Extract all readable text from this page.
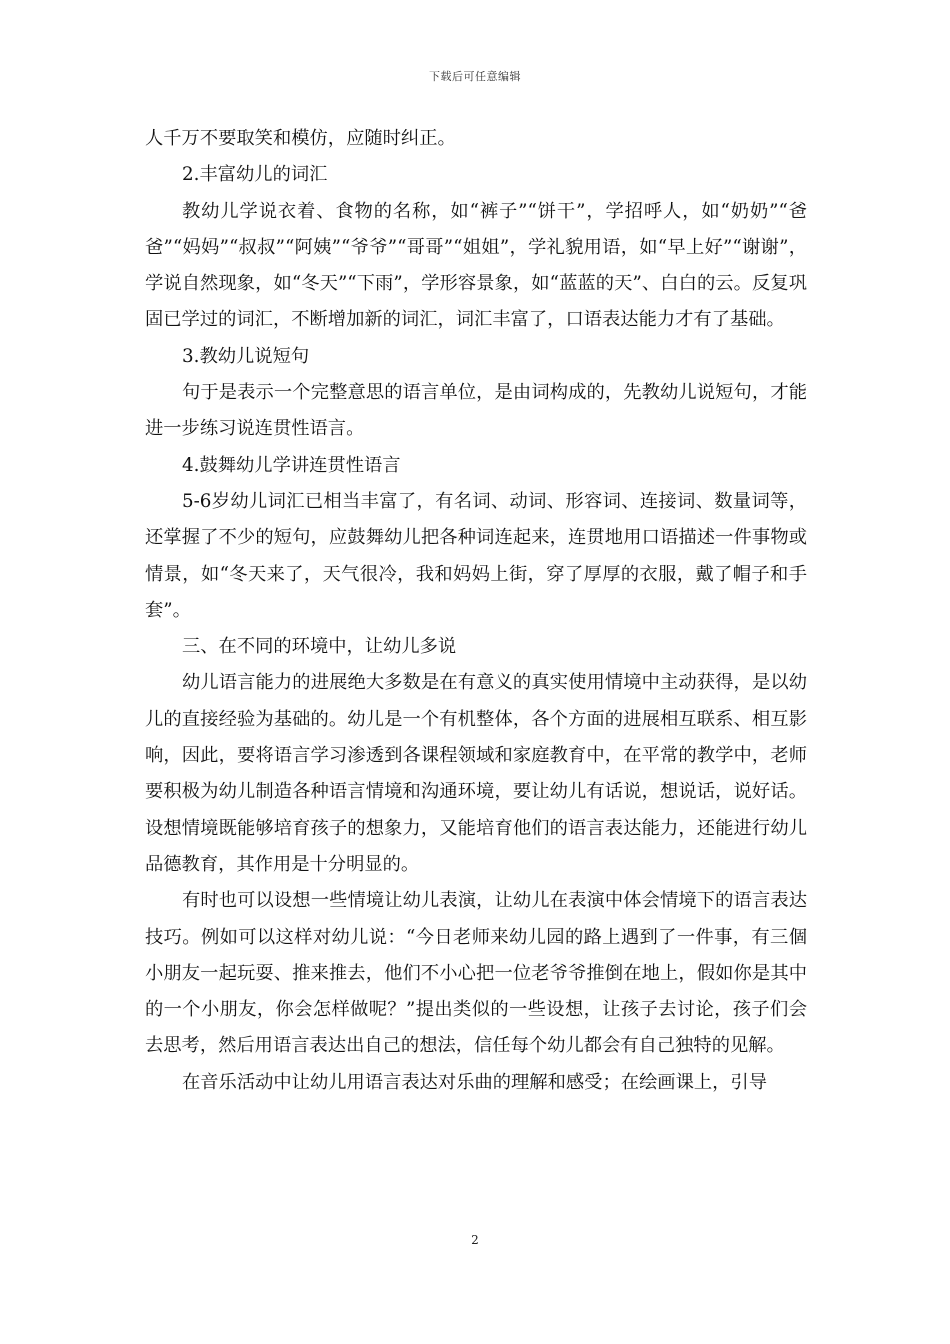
下载后可任意编辑

人千万不要取笑和模仿，应随时纠正。

2.丰富幼儿的词汇

教幼儿学说衣着、食物的名称，如“裤子”“饼干”，学招呼人，如“奶奶”“爸爸”“妈妈”“叔叔”“阿姨”“爷爷”“哥哥”“姐姐”，学礼貌用语，如“早上好”“谢谢”，学说自然现象，如“冬天”“下雨”，学形容景象，如“蓝蓝的天”、白白的云。反复巩固已学过的词汇，不断增加新的词汇，词汇丰富了，口语表达能力才有了基础。

3.教幼儿说短句

句于是表示一个完整意思的语言单位，是由词构成的，先教幼儿说短句，才能进一步练习说连贯性语言。

4.鼓舞幼儿学讲连贯性语言

5-6岁幼儿词汇已相当丰富了，有名词、动词、形容词、连接词、数量词等，还掌握了不少的短句，应鼓舞幼儿把各种词连起来，连贯地用口语描述一件事物或情景，如“冬天来了，天气很冷，我和妈妈上街，穿了厚厚的衣服，戴了帽子和手套”。

三、在不同的环境中，让幼儿多说

幼儿语言能力的进展绝大多数是在有意义的真实使用情境中主动获得，是以幼儿的直接经验为基础的。幼儿是一个有机整体，各个方面的进展相互联系、相互影响，因此，要将语言学习渗透到各课程领域和家庭教育中，在平常的教学中，老师要积极为幼儿制造各种语言情境和沟通环境，要让幼儿有话说，想说话，说好话。设想情境既能够培育孩子的想象力，又能培育他们的语言表达能力，还能进行幼儿品德教育，其作用是十分明显的。

有时也可以设想一些情境让幼儿表演，让幼儿在表演中体会情境下的语言表达技巧。例如可以这样对幼儿说：“今日老师来幼儿园的路上遇到了一件事，有三個小朋友一起玩耍、推来推去，他们不小心把一位老爷爷推倒在地上，假如你是其中的一个小朋友，你会怎样做呢？”提出类似的一些设想，让孩子去讨论，孩子们会去思考，然后用语言表达出自己的想法，信任每个幼儿都会有自己独特的见解。

在音乐活动中让幼儿用语言表达对乐曲的理解和感受；在绘画课上，引导

2
